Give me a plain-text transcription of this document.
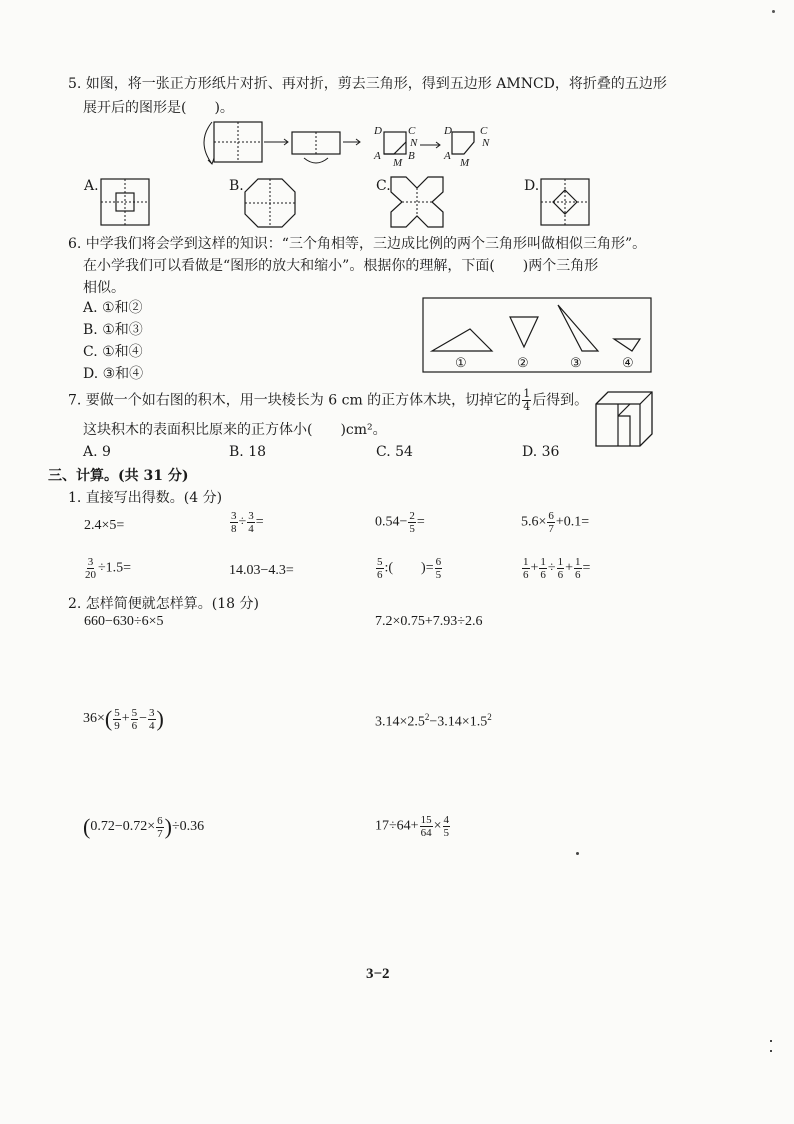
5. 如图，将一张正方形纸片对折、再对折，剪去三角形，得到五边形 AMNCD，将折叠的五边形
展开后的图形是(　　)。
D C
N
A
M
B
D	C
N
A
M
A.	B.	C.	D.
6. 中学我们将会学到这样的知识：“三个角相等，三边成比例的两个三角形叫做相似三角形”。
在小学我们可以看做是“图形的放大和缩小”。根据你的理解，下面(　　)两个三角形
相似。
A. ①和②
B. ①和③
C. ①和④
D. ③和④
①	②	③	④
7. 要做一个如右图的积木，用一块棱长为 6 cm 的正方体木块，切掉它的 $\frac{1}{4}$ 后得到。
这块积木的表面积比原来的正方体小(　　)cm²。
A. 9	B. 18	C. 54	D. 36
三、计算。(共 31 分)
1. 直接写出得数。(4 分)
2.4×5=	$\frac{3}{8} \div \frac{3}{4}$ =	$0.54- \frac{2}{5}$ =	$5.6\times \frac{6}{7} +0.1=$
$\frac{3}{20} \div 1.5=$	14.03−4.3=	$\frac{5}{6}$ :(　　)= $\frac{6}{5}$	$\frac{1}{6} + \frac{1}{6} \div \frac{1}{6} + \frac{1}{6}$ =
2. 怎样简便就怎样算。(18 分)
660−630÷6×5	7.2×0.75+7.93÷2.6
$36\times( \frac{5}{9} + \frac{5}{6} - \frac{3}{4}$ )	$3.14\times 2.5^2-3.14\times 1.5^2$
$(0.72-0.72\times \frac{6}{7} )\div 0.36$	$17\div 64+ \frac{15}{64} \times \frac{4}{5}$
3−2
